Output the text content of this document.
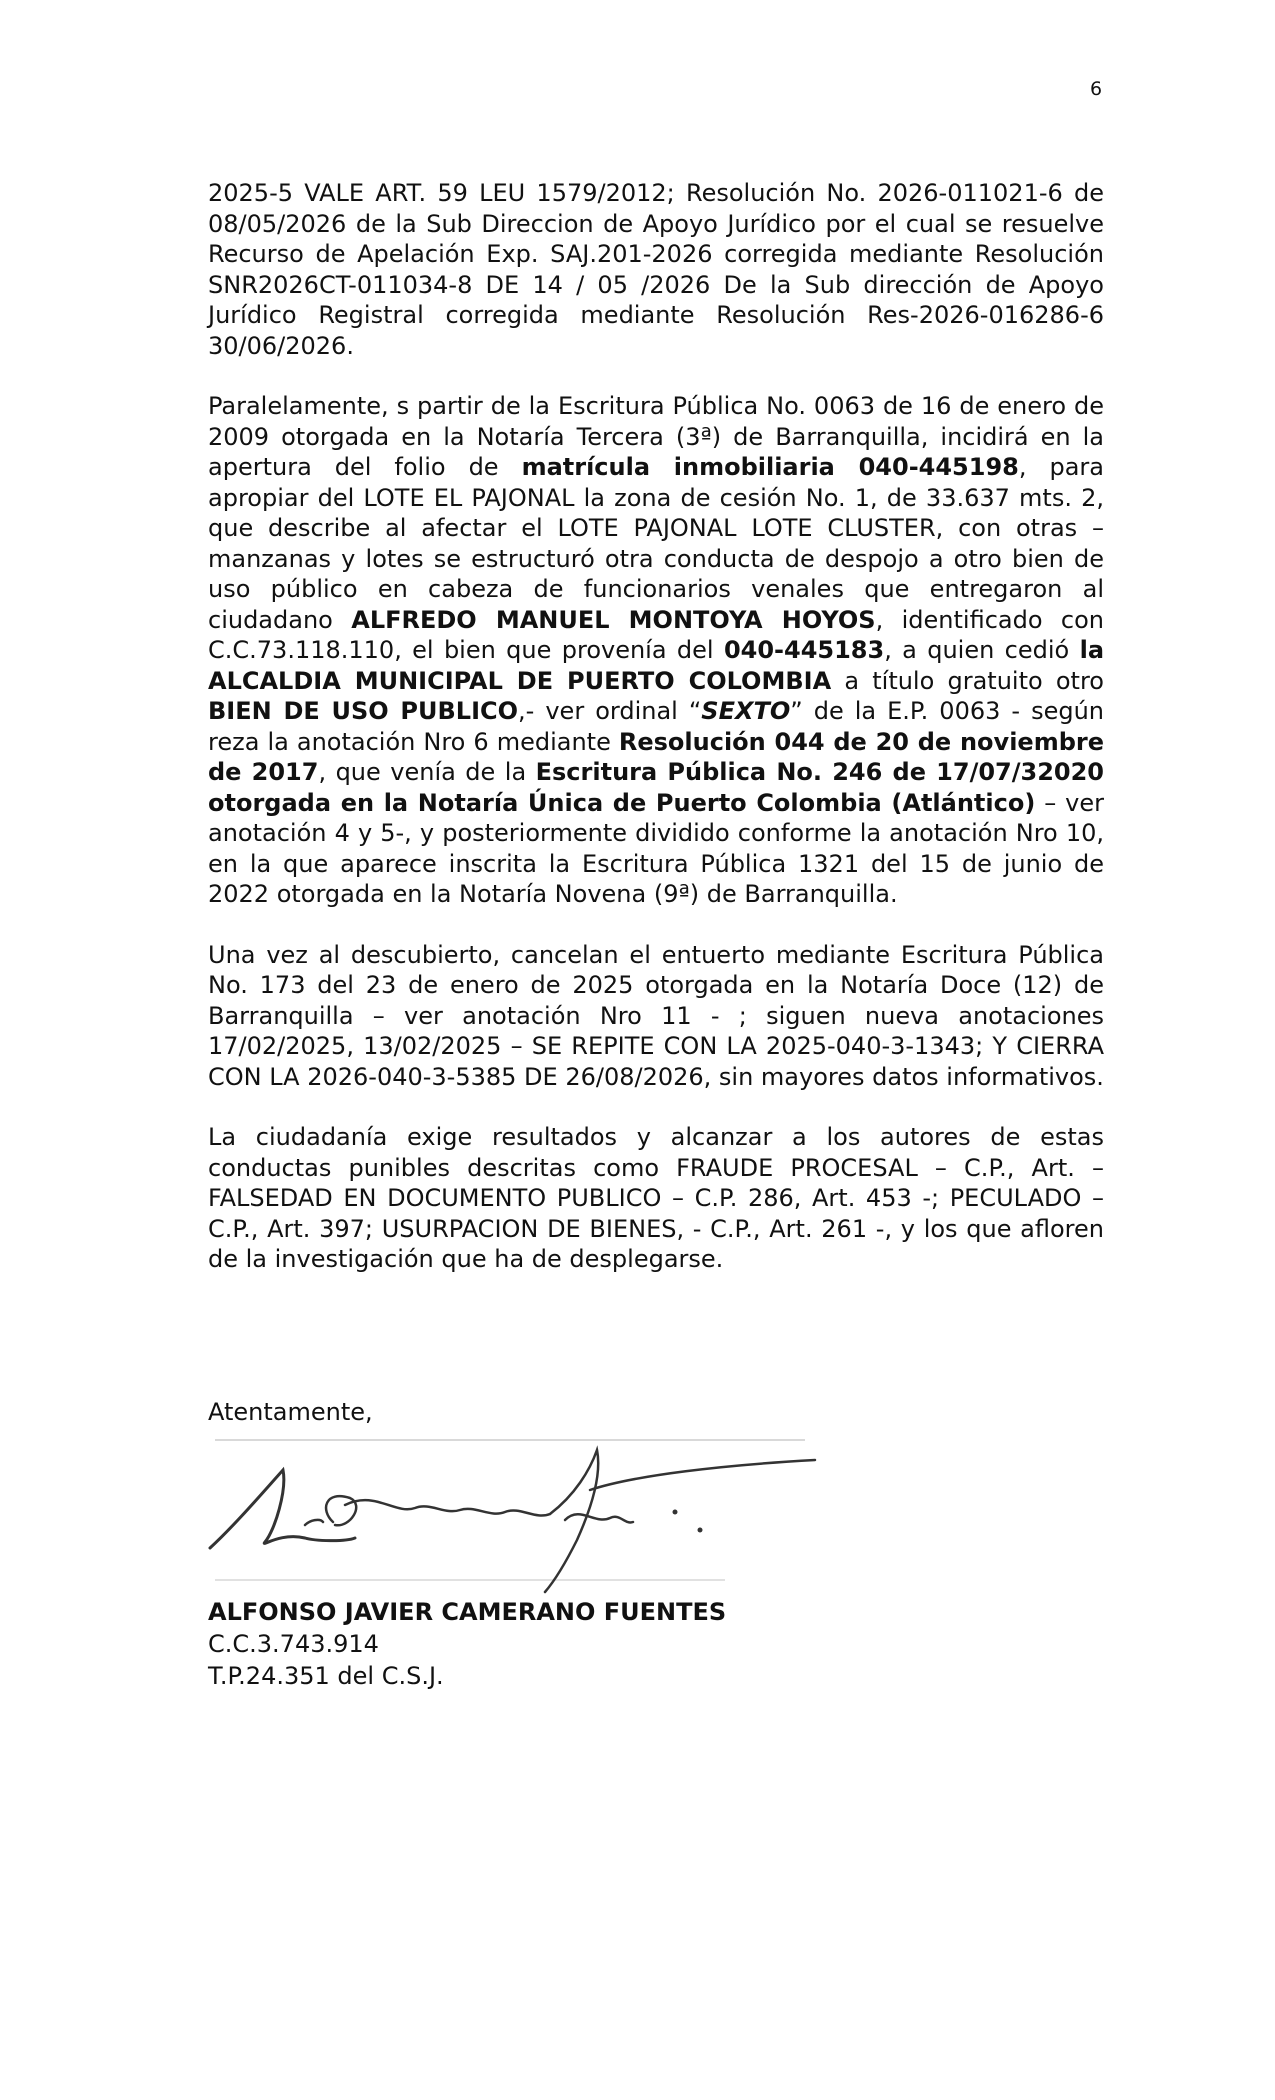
6

2025-5 VALE ART. 59 LEU 1579/2012; Resolución No. 2026-011021-6 de 08/05/2026 de la Sub Direccion de Apoyo Jurídico por el cual se resuelve Recurso de Apelación Exp. SAJ.201-2026 corregida mediante Resolución SNR2026CT-011034-8 DE 14 / 05 /2026 De la Sub dirección de Apoyo Jurídico Registral corregida mediante Resolución Res-2026-016286-6 30/06/2026.

Paralelamente, s partir de la Escritura Pública No. 0063 de 16 de enero de 2009 otorgada en la Notaría Tercera (3ª) de Barranquilla, incidirá en la apertura del folio de matrícula inmobiliaria 040-445198, para apropiar del LOTE EL PAJONAL la zona de cesión No. 1, de 33.637 mts. 2, que describe al afectar el LOTE PAJONAL LOTE CLUSTER, con otras – manzanas y lotes se estructuró otra conducta de despojo a otro bien de uso público en cabeza de funcionarios venales que entregaron al ciudadano ALFREDO MANUEL MONTOYA HOYOS, identificado con C.C.73.118.110, el bien que provenía del 040-445183, a quien cedió la ALCALDIA MUNICIPAL DE PUERTO COLOMBIA a título gratuito otro BIEN DE USO PUBLICO,- ver ordinal “SEXTO” de la E.P. 0063 - según reza la anotación Nro 6 mediante Resolución 044 de 20 de noviembre de 2017, que venía de la Escritura Pública No. 246 de 17/07/32020 otorgada en la Notaría Única de Puerto Colombia (Atlántico) – ver anotación 4 y 5-, y posteriormente dividido conforme la anotación Nro 10, en la que aparece inscrita la Escritura Pública 1321 del 15 de junio de 2022 otorgada en la Notaría Novena (9ª) de Barranquilla.

Una vez al descubierto, cancelan el entuerto mediante Escritura Pública No. 173 del 23 de enero de 2025 otorgada en la Notaría Doce (12) de Barranquilla – ver anotación Nro 11 - ; siguen nueva anotaciones 17/02/2025, 13/02/2025 – SE REPITE CON LA 2025-040-3-1343; Y CIERRA CON LA 2026-040-3-5385 DE 26/08/2026, sin mayores datos informativos.

La ciudadanía exige resultados y alcanzar a los autores de estas conductas punibles descritas como FRAUDE PROCESAL – C.P., Art. – FALSEDAD EN DOCUMENTO PUBLICO – C.P. 286, Art. 453 -; PECULADO – C.P., Art. 397; USURPACION DE BIENES, - C.P., Art. 261 -, y los que afloren de la investigación que ha de desplegarse.

Atentamente,
ALFONSO JAVIER CAMERANO FUENTES
C.C.3.743.914
T.P.24.351 del C.S.J.
